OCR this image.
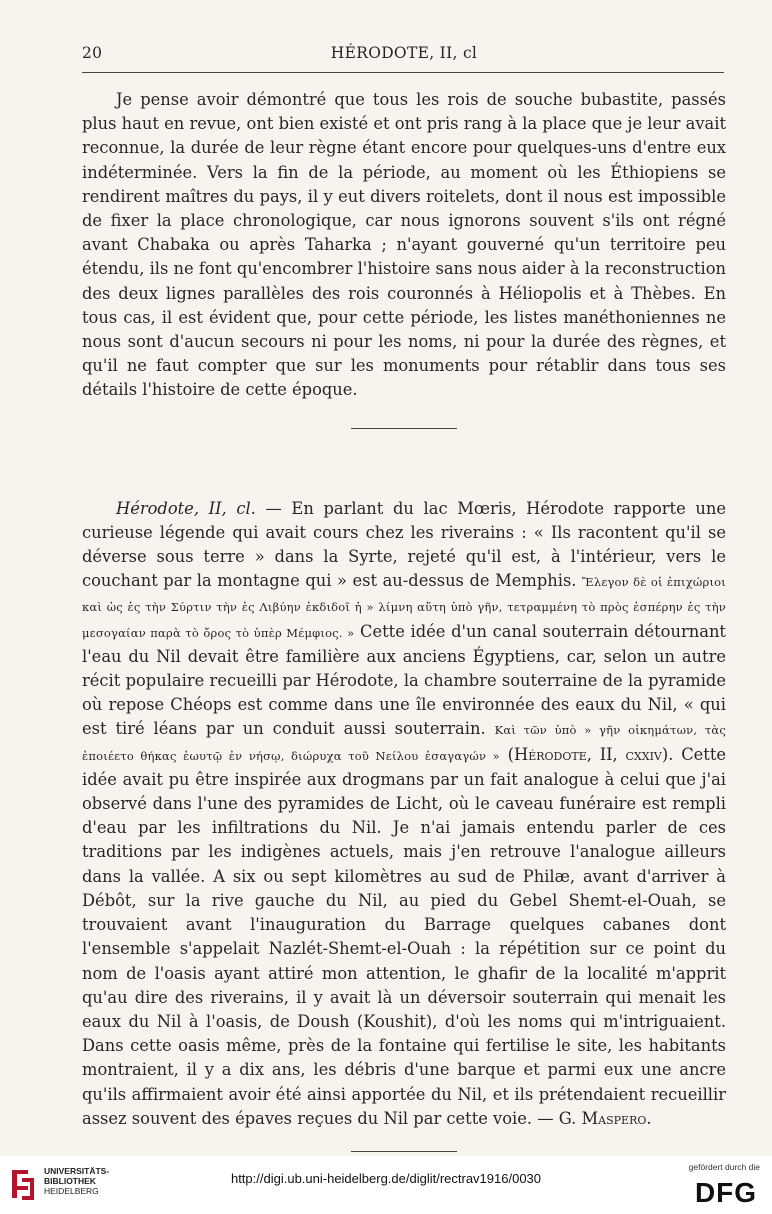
20	HÉRODOTE, II, cl

Je pense avoir démontré que tous les rois de souche bubastite, passés plus haut en revue, ont bien existé et ont pris rang à la place que je leur avait reconnue, la durée de leur règne étant encore pour quelques-uns d'entre eux indéterminée. Vers la fin de la période, au moment où les Éthiopiens se rendirent maîtres du pays, il y eut divers roitelets, dont il nous est impossible de fixer la place chronologique, car nous ignorons souvent s'ils ont régné avant Chabaka ou après Taharka ; n'ayant gouverné qu'un territoire peu étendu, ils ne font qu'encombrer l'histoire sans nous aider à la reconstruction des deux lignes parallèles des rois couronnés à Héliopolis et à Thèbes. En tous cas, il est évident que, pour cette période, les listes manéthoniennes ne nous sont d'aucun secours ni pour les noms, ni pour la durée des règnes, et qu'il ne faut compter que sur les monuments pour rétablir dans tous ses détails l'histoire de cette époque.

Hérodote, II, cl. — En parlant du lac Mœris, Hérodote rapporte une curieuse légende qui avait cours chez les riverains : « Ils racontent qu'il se déverse sous terre » dans la Syrte, rejeté qu'il est, à l'intérieur, vers le couchant par la montagne qui » est au-dessus de Memphis. Ἔλεγον δὲ οἱ ἐπιχώριοι καὶ ὡς ἐς τὴν Σύρτιν τὴν ἐς Λιβύην ἐκδιδοῖ ἡ » λίμνη αὕτη ὑπὸ γῆν, τετραμμένη τὸ πρὸς ἑσπέρην ἐς τὴν μεσογαίαν παρὰ τὸ ὄρος τὸ ὑπὲρ Μέμφιος. » Cette idée d'un canal souterrain détournant l'eau du Nil devait être familière aux anciens Égyptiens, car, selon un autre récit populaire recueilli par Hérodote, la chambre souterraine de la pyramide où repose Chéops est comme dans une île environnée des eaux du Nil, « qui est tiré léans par un conduit aussi souterrain. Καὶ τῶν ὑπὸ » γῆν οἰκημάτων, τὰς ἐποιέετο θήκας ἑωυτῷ ἐν νήσῳ, διώρυχα τοῦ Νείλου ἐσαγαγών » (Hérodote, II, cxxiv). Cette idée avait pu être inspirée aux drogmans par un fait analogue à celui que j'ai observé dans l'une des pyramides de Licht, où le caveau funéraire est rempli d'eau par les infiltrations du Nil. Je n'ai jamais entendu parler de ces traditions par les indigènes actuels, mais j'en retrouve l'analogue ailleurs dans la vallée. A six ou sept kilomètres au sud de Philæ, avant d'arriver à Débôt, sur la rive gauche du Nil, au pied du Gebel Shemt-el-Ouah, se trouvaient avant l'inauguration du Barrage quelques cabanes dont l'ensemble s'appelait Nazlét-Shemt-el-Ouah : la répétition sur ce point du nom de l'oasis ayant attiré mon attention, le ghafir de la localité m'apprit qu'au dire des riverains, il y avait là un déversoir souterrain qui menait les eaux du Nil à l'oasis, de Doush (Koushit), d'où les noms qui m'intriguaient. Dans cette oasis même, près de la fontaine qui fertilise le site, les habitants montraient, il y a dix ans, les débris d'une barque et parmi eux une ancre qu'ils affirmaient avoir été ainsi apportée du Nil, et ils prétendaient recueillir assez souvent des épaves reçues du Nil par cette voie. — G. Maspero.

UNIVERSITÄTS-
BIBLIOTHEK
HEIDELBERG
http://digi.ub.uni-heidelberg.de/diglit/rectrav1916/0030
gefördert durch die
DFG
